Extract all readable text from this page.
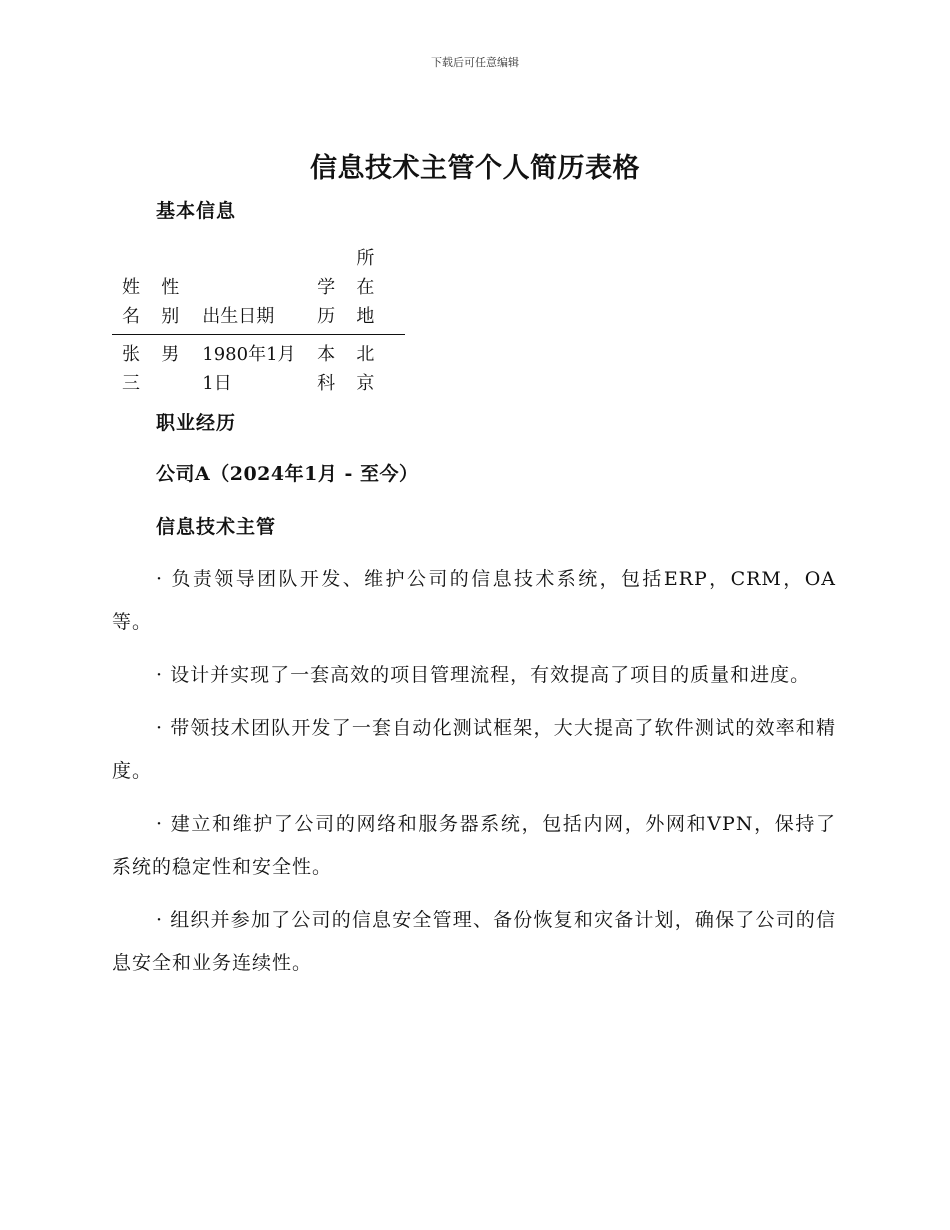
下载后可任意编辑
信息技术主管个人简历表格
基本信息
姓名	性别	出生日期	学历	所在地

张三	男	1980年1月1日	本科	北京
职业经历
公司A（2024年1月 - 至今）
信息技术主管

· 负责领导团队开发、维护公司的信息技术系统，包括ERP，CRM，OA等。

· 设计并实现了一套高效的项目管理流程，有效提高了项目的质量和进度。

· 带领技术团队开发了一套自动化测试框架，大大提高了软件测试的效率和精度。

· 建立和维护了公司的网络和服务器系统，包括内网，外网和VPN，保持了系统的稳定性和安全性。

· 组织并参加了公司的信息安全管理、备份恢复和灾备计划，确保了公司的信息安全和业务连续性。
